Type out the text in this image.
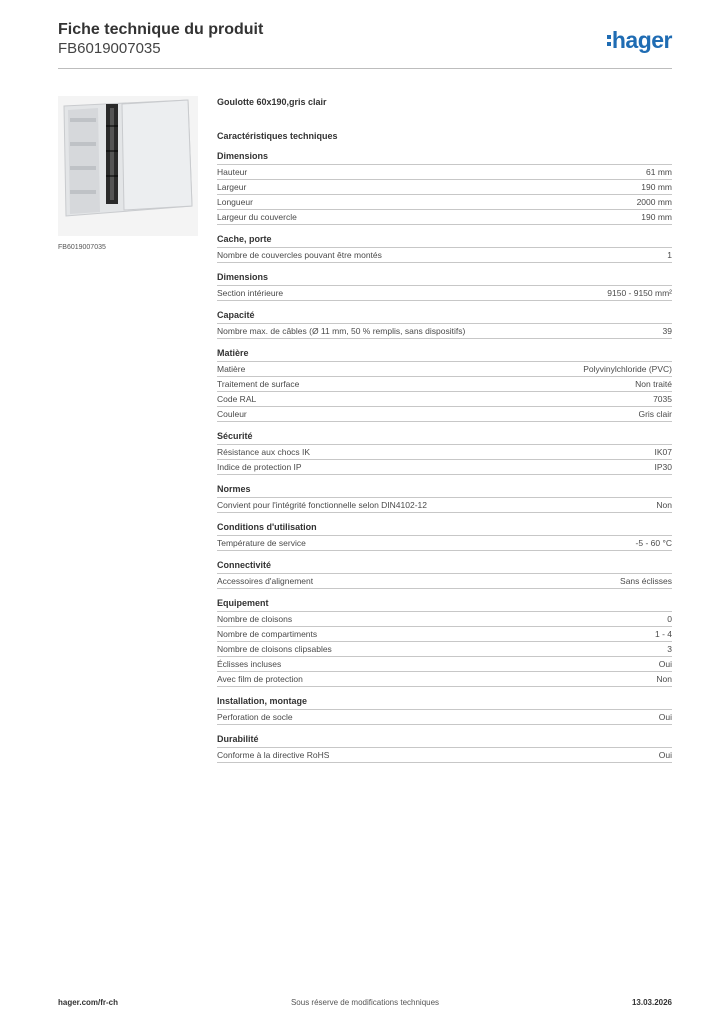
Fiche technique du produit
FB6019007035	hager
FB6019007035
Goulotte 60x190,gris clair
Caractéristiques techniques
Dimensions
Hauteur	61 mm
Largeur	190 mm
Longueur	2000 mm
Largeur du couvercle	190 mm
Cache, porte
Nombre de couvercles pouvant être montés	1
Dimensions
Section intérieure	9150 - 9150 mm²
Capacité
Nombre max. de câbles (Ø 11 mm, 50 % remplis, sans dispositifs)	39
Matière
Matière	Polyvinylchloride (PVC)
Traitement de surface	Non traité
Code RAL	7035
Couleur	Gris clair
Sécurité
Résistance aux chocs IK	IK07
Indice de protection IP	IP30
Normes
Convient pour l'intégrité fonctionnelle selon DIN4102-12	Non
Conditions d'utilisation
Température de service	-5 - 60 °C
Connectivité
Accessoires d'alignement	Sans éclisses
Equipement
Nombre de cloisons	0
Nombre de compartiments	1 - 4
Nombre de cloisons clipsables	3
Éclisses incluses	Oui
Avec film de protection	Non
Installation, montage
Perforation de socle	Oui
Durabilité
Conforme à la directive RoHS	Oui
hager.com/fr-ch	Sous réserve de modifications techniques	13.03.2026
